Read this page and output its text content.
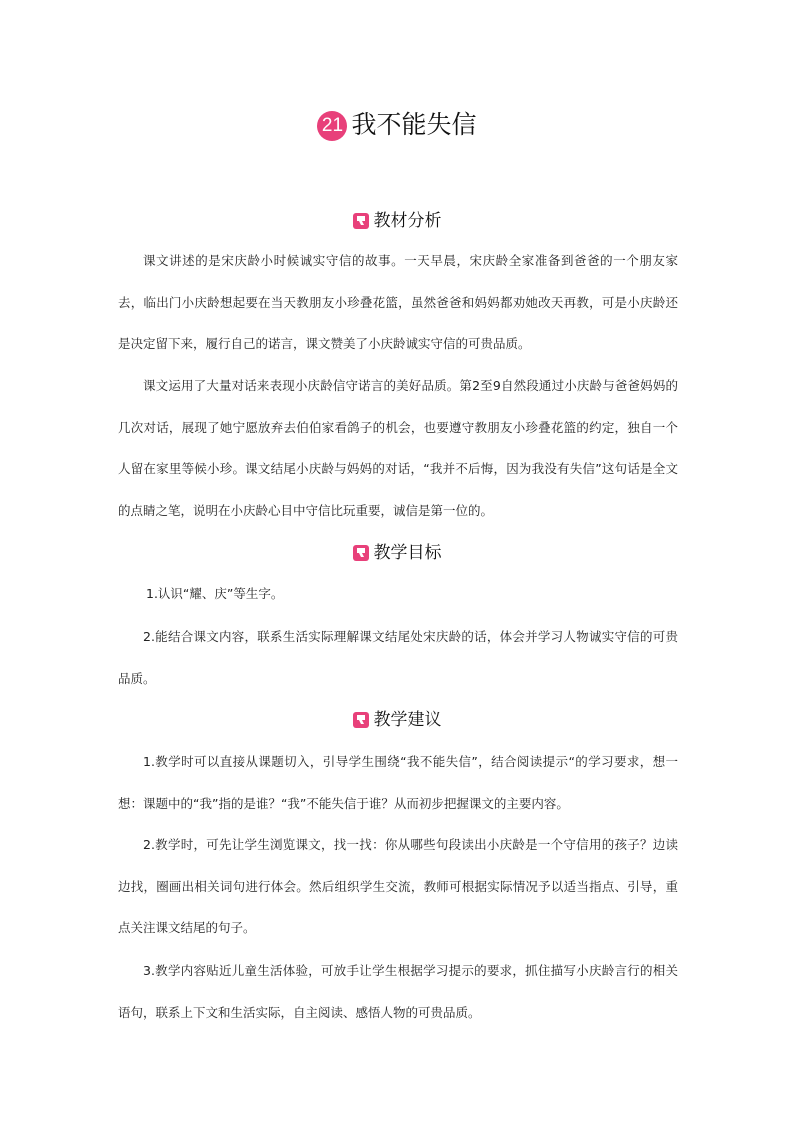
21 我不能失信
教材分析

课文讲述的是宋庆龄小时候诚实守信的故事。一天早晨，宋庆龄全家准备到爸爸的一个朋友家去，临出门小庆龄想起要在当天教朋友小珍叠花篮，虽然爸爸和妈妈都劝她改天再教，可是小庆龄还是决定留下来，履行自己的诺言，课文赞美了小庆龄诚实守信的可贵品质。

课文运用了大量对话来表现小庆龄信守诺言的美好品质。第2至9自然段通过小庆龄与爸爸妈妈的几次对话，展现了她宁愿放弃去伯伯家看鸽子的机会，也要遵守教朋友小珍叠花篮的约定，独自一个人留在家里等候小珍。课文结尾小庆龄与妈妈的对话，“我并不后悔，因为我没有失信”这句话是全文的点睛之笔，说明在小庆龄心目中守信比玩重要，诚信是第一位的。

教学目标
1.认识“耀、庆”等生字。

2.能结合课文内容，联系生活实际理解课文结尾处宋庆龄的话，体会并学习人物诚实守信的可贵品质。

教学建议

1.教学时可以直接从课题切入，引导学生围绕“我不能失信”，结合阅读提示“的学习要求，想一想：课题中的“我”指的是谁？“我”不能失信于谁？从而初步把握课文的主要内容。

2.教学时，可先让学生浏览课文，找一找：你从哪些句段读出小庆龄是一个守信用的孩子？边读边找，圈画出相关词句进行体会。然后组织学生交流，教师可根据实际情况予以适当指点、引导，重点关注课文结尾的句子。

3.教学内容贴近儿童生活体验，可放手让学生根据学习提示的要求，抓住描写小庆龄言行的相关语句，联系上下文和生活实际，自主阅读、感悟人物的可贵品质。
